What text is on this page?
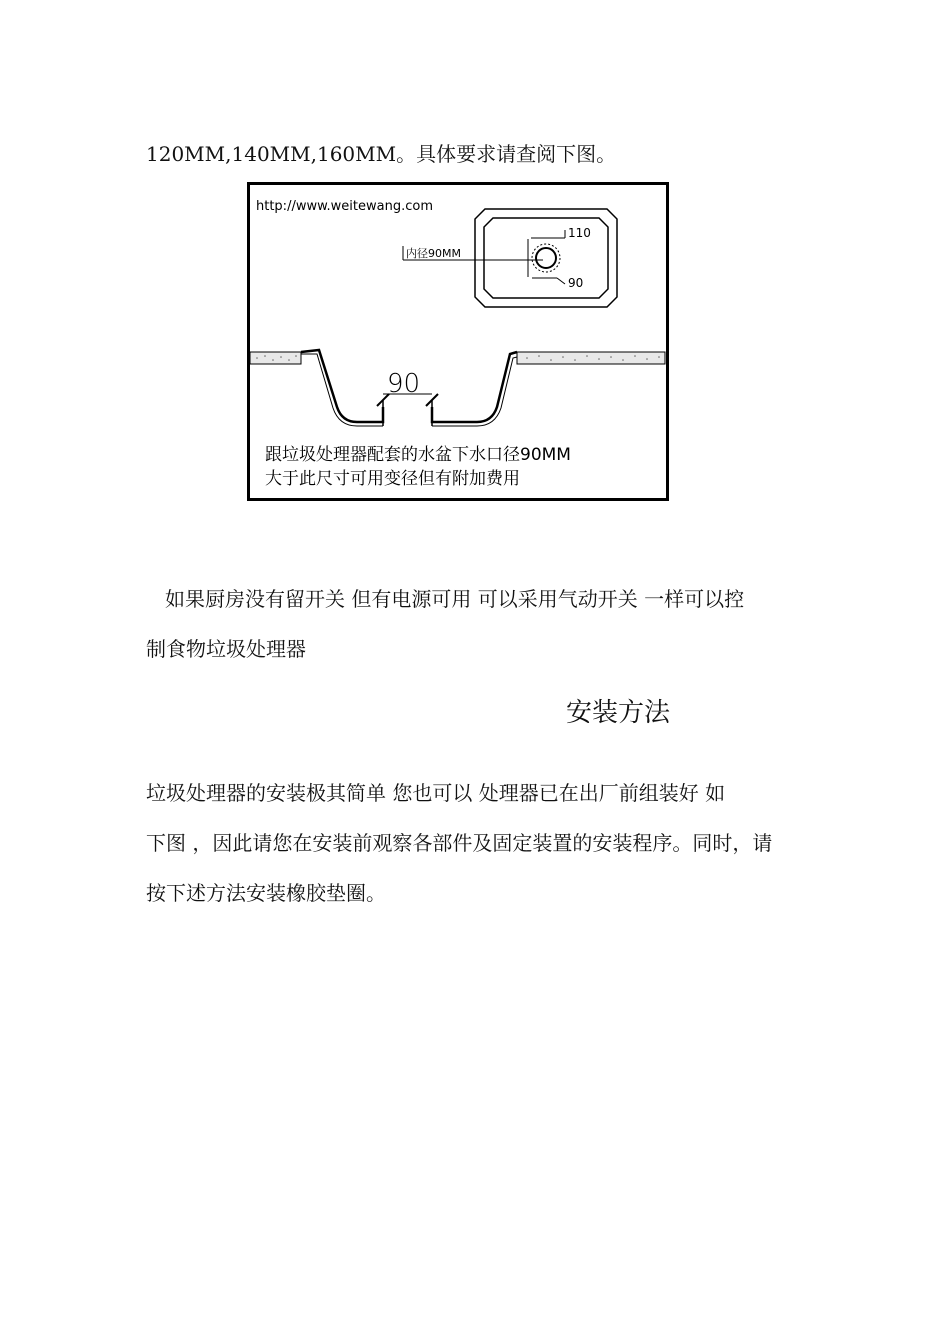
120MM,140MM,160MM。具体要求请查阅下图。
http://www.weitewang.com
内径90MM
110
90
90
跟垃圾处理器配套的水盆下水口径90MM
大于此尺寸可用变径但有附加费用
如果厨房没有留开关 但有电源可用 可以采用气动开关 一样可以控
制食物垃圾处理器
安装方法
垃圾处理器的安装极其简单 您也可以 处理器已在出厂前组装好 如
下图 ，因此请您在安装前观察各部件及固定装置的安装程序。同时，请
按下述方法安装橡胶垫圈。
